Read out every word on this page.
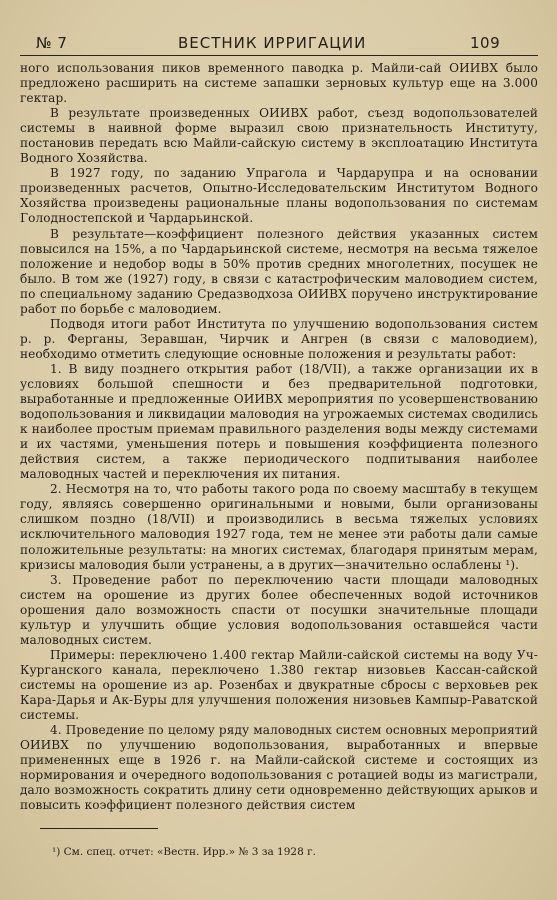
№ 7	ВЕСТНИК ИРРИГАЦИИ	109

ного использования пиков временного паводка р. Майли-сай ОИИВХ было предложено расширить на системе запашки зерновых культур еще на 3.000 гектар.

В результате произведенных ОИИВХ работ, съезд водопользователей системы в наивной форме выразил свою признательность Институту, постановив передать всю Майли-сайскую систему в эксплоатацию Института Водного Хозяйства.

В 1927 году, по заданию Упрагола и Чардарупра и на основании произведенных расчетов, Опытно-Исследовательским Институтом Водного Хозяйства произведены рациональные планы водопользования по системам Голодностепской и Чардарьинской.

В результате—коэффициент полезного действия указанных систем повысился на 15%, а по Чардарьинской системе, несмотря на весьма тяжелое положение и недобор воды в 50% против средних многолетних, посушек не было. В том же (1927) году, в связи с катастрофическим маловодием систем, по специальному заданию Средазводхоза ОИИВХ поручено инструктирование работ по борьбе с маловодием.

Подводя итоги работ Института по улучшению водопользования систем р. р. Ферганы, Зеравшан, Чирчик и Ангрен (в связи с маловодием), необходимо отметить следующие основные положения и результаты работ:

1. В виду позднего открытия работ (18/VII), а также организации их в условиях большой спешности и без предварительной подготовки, выработанные и предложенные ОИИВХ мероприятия по усовершенствованию водопользования и ликвидации маловодия на угрожаемых системах сводились к наиболее простым приемам правильного разделения воды между системами и их частями, уменьшения потерь и повышения коэффициента полезного действия систем, а также периодического подпитывания наиболее маловодных частей и переключения их питания.

2. Несмотря на то, что работы такого рода по своему масштабу в текущем году, являясь совершенно оригинальными и новыми, были организованы слишком поздно (18/VII) и производились в весьма тяжелых условиях исключительного маловодия 1927 года, тем не менее эти работы дали самые положительные результаты: на многих системах, благодаря принятым мерам, кризисы маловодия были устранены, а в других—значительно ослаблены ¹).

3. Проведение работ по переключению части площади маловодных систем на орошение из других более обеспеченных водой источников орошения дало возможность спасти от посушки значительные площади культур и улучшить общие условия водопользования оставшейся части маловодных систем.

Примеры: переключено 1.400 гектар Майли-сайской системы на воду Уч-Курганского канала, переключено 1.380 гектар низовьев Кассан-сайской системы на орошение из ар. Розенбах и двукратные сбросы с верховьев рек Кара-Дарья и Ак-Буры для улучшения положения низовьев Кампыр-Раватской системы.

4. Проведение по целому ряду маловодных систем основных мероприятий ОИИВХ по улучшению водопользования, выработанных и впервые примененных еще в 1926 г. на Майли-сайской системе и состоящих из нормирования и очередного водопользования с ротацией воды из магистрали, дало возможность сократить длину сети одновременно действующих арыков и повысить коэффициент полезного действия систем

¹) См. спец. отчет: «Вестн. Ирр.» № 3 за 1928 г.
